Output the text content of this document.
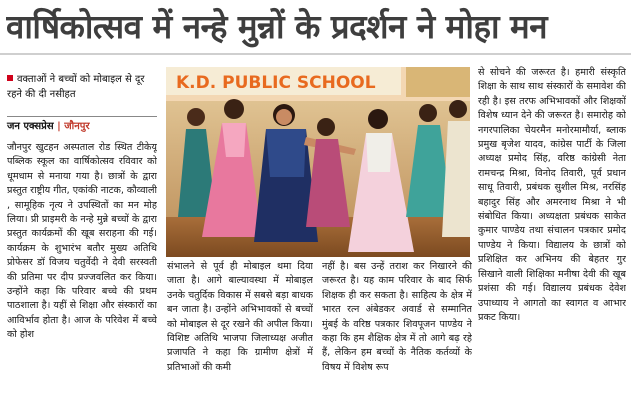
वार्षिकोत्सव में नन्हे मुन्नों के प्रदर्शन ने मोहा मन
वक्ताओं ने बच्चों को मोबाइल से दूर रहने की दी नसीहत
जन एक्सप्रेस | जौनपुर
जौनपुर खुटहन अस्पताल रोड स्थित टीकेयू पब्लिक स्कूल का वार्षिकोत्सव रविवार को धूमधाम से मनाया गया है। छात्रों के द्वारा प्रस्तुत राष्ट्रीय गीत, एकांकी नाटक, कौव्वाली , सामूहिक नृत्य ने उपस्थितों का मन मोह लिया। प्री प्राइमरी के नन्हे मुन्ने बच्चों के द्वारा प्रस्तुत कार्यक्रमों की खूब सराहना की गई। कार्यक्रम के शुभारंभ बतौर मुख्य अतिथि प्रोफेसर डॉ विजय चतुर्वेदी ने देवी सरस्वती की प्रतिमा पर दीप प्रज्जवलित कर किया। उन्होंने कहा कि परिवार बच्चे की प्रथम पाठशाला है। यहीं से शिक्षा और संस्कारों का आविर्भाव होता है। आज के परिवेश में बच्चे को होश
K.D. PUBLIC SCHOOL
संभालने से पूर्व ही मोबाइल थमा दिया जाता है। आगे बाल्यावस्था में मोबाइल उनके चतुर्दिक विकास में सबसे बड़ा बाधक बन जाता है। उन्होंने अभिभावकों से बच्चों को मोबाइल से दूर रखने की अपील किया। विशिष्ट अतिथि भाजपा जिलाध्यक्ष अजीत प्रजापति ने कहा कि ग्रामीण क्षेत्रों में प्रतिभाओं की कमी
नहीं है। बस उन्हें तराश कर निखारने की जरूरत है। यह काम परिवार के बाद सिर्फ शिक्षक ही कर सकता है। साहित्य के क्षेत्र में भारत रत्न अंबेडकर अवार्ड से सम्मानित मुंबई के वरिष्ठ पत्रकार शिवपूजन पाण्डेय ने कहा कि हम शैक्षिक क्षेत्र में तो आगे बढ़ रहे हैं, लेकिन हम बच्चों के नैतिक कर्तव्यों के विषय में विशेष रूप
से सोचने की जरूरत है। हमारी संस्कृति शिक्षा के साथ साथ संस्कारों के समावेश की रही है। इस तरफ अभिभावकों और शिक्षकों विशेष ध्यान देने की जरूरत है। समारोह को नगरपालिका चेयरमैन मनोरमामौर्या, ब्लाक प्रमुख बृजेश यादव, कांग्रेस पार्टी के जिला अध्यक्ष प्रमोद सिंह, वरिष्ठ कांग्रेसी नेता रामचन्द्र मिश्रा, विनोद तिवारी, पूर्व प्रधान साधू तिवारी, प्रबंधक सुशील मिश्र, नरसिंह बहादुर सिंह और अमरनाथ मिश्रा ने भी संबोधित किया। अध्यक्षता प्रबंधक साकेत कुमार पाण्डेय तथा संचालन पत्रकार प्रमोद पाण्डेय ने किया। विद्यालय के छात्रों को प्रशिक्षित कर अभिनय की बेहतर गुर सिखाने वाली शिक्षिका मनीषा देवी की खूब प्रशंसा की गई। विद्यालय प्रबंधक देवेश उपाध्याय ने आगतो का स्वागत व आभार प्रकट किया।
